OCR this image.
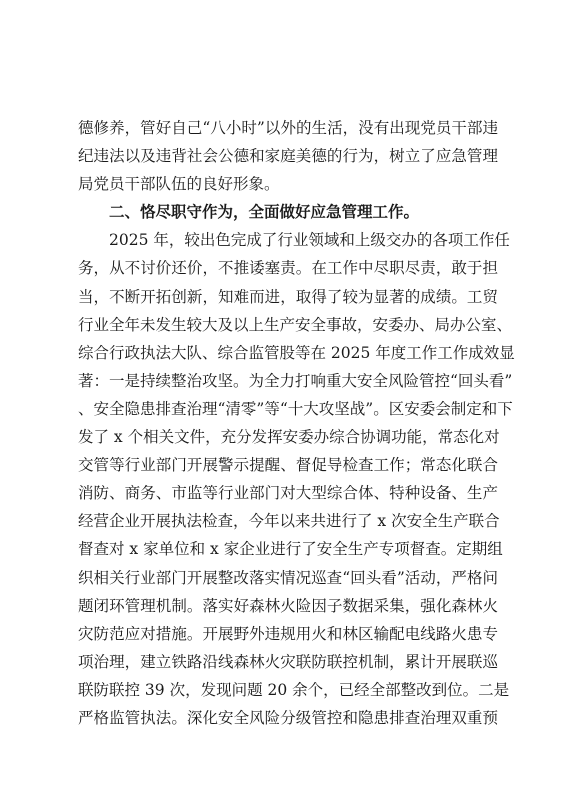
德修养，管好自己“八小时”以外的生活，没有出现党员干部违
纪违法以及违背社会公德和家庭美德的行为，树立了应急管理
局党员干部队伍的良好形象。
二、恪尽职守作为，全面做好应急管理工作。
2025 年，较出色完成了行业领域和上级交办的各项工作任
务，从不讨价还价，不推诿塞责。在工作中尽职尽责，敢于担
当，不断开拓创新，知难而进，取得了较为显著的成绩。工贸
行业全年未发生较大及以上生产安全事故，安委办、局办公室、
综合行政执法大队、综合监管股等在 2025 年度工作工作成效显
著：一是持续整治攻坚。为全力打响重大安全风险管控“回头看”
、安全隐患排查治理“清零”等“十大攻坚战”。区安委会制定和下
发了 x 个相关文件，充分发挥安委办综合协调功能，常态化对
交管等行业部门开展警示提醒、督促导检查工作；常态化联合
消防、商务、市监等行业部门对大型综合体、特种设备、生产
经营企业开展执法检查，今年以来共进行了 x 次安全生产联合
督查对 x 家单位和 x 家企业进行了安全生产专项督查。定期组
织相关行业部门开展整改落实情况巡查“回头看”活动，严格问
题闭环管理机制。落实好森林火险因子数据采集，强化森林火
灾防范应对措施。开展野外违规用火和林区输配电线路火患专
项治理，建立铁路沿线森林火灾联防联控机制，累计开展联巡
联防联控 39 次，发现问题 20 余个，已经全部整改到位。二是
严格监管执法。深化安全风险分级管控和隐患排查治理双重预
